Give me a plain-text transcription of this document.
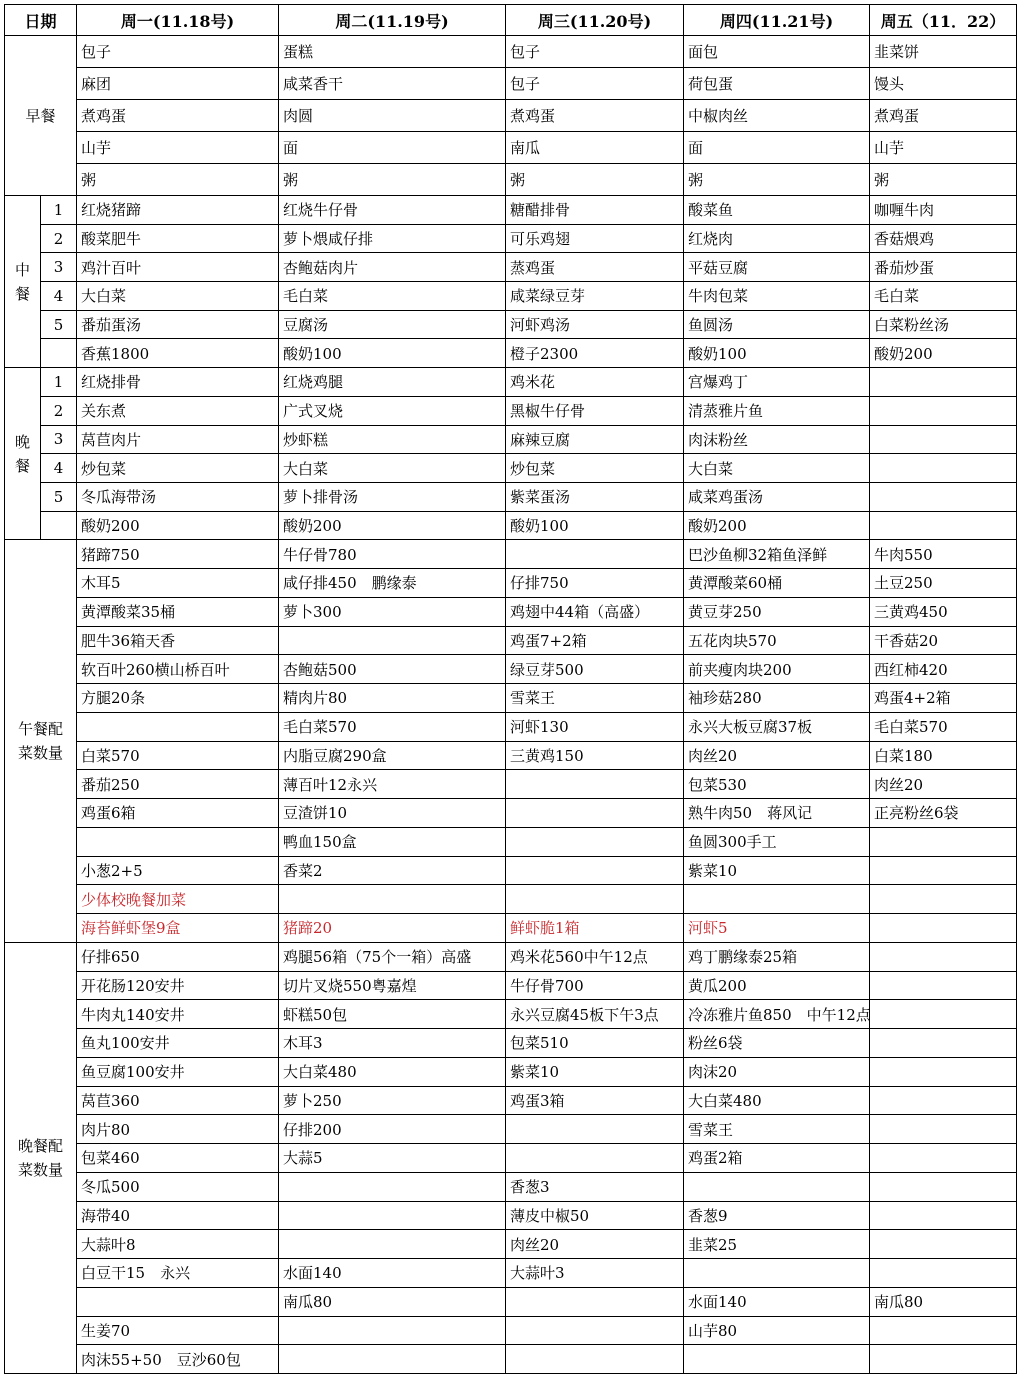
日期		周一(11.18号)	周二(11.19号)	周三(11.20号)	周四(11.21号)	周五（11．22）
早餐		包子	蛋糕	包子	面包	韭菜饼
		麻团	咸菜香干	包子	荷包蛋	馒头
		煮鸡蛋	肉圆	煮鸡蛋	中椒肉丝	煮鸡蛋
		山芋	面	南瓜	面	山芋
		粥	粥	粥	粥	粥
中
餐	1	红烧猪蹄	红烧牛仔骨	糖醋排骨	酸菜鱼	咖喱牛肉
	2	酸菜肥牛	萝卜煨咸仔排	可乐鸡翅	红烧肉	香菇煨鸡
	3	鸡汁百叶	杏鲍菇肉片	蒸鸡蛋	平菇豆腐	番茄炒蛋
	4	大白菜	毛白菜	咸菜绿豆芽	牛肉包菜	毛白菜
	5	番茄蛋汤	豆腐汤	河虾鸡汤	鱼圆汤	白菜粉丝汤
		香蕉1800	酸奶100	橙子2300	酸奶100	酸奶200
晚
餐	1	红烧排骨	红烧鸡腿	鸡米花	宫爆鸡丁	
	2	关东煮	广式叉烧	黑椒牛仔骨	清蒸雅片鱼	
	3	莴苣肉片	炒虾糕	麻辣豆腐	肉沫粉丝	
	4	炒包菜	大白菜	炒包菜	大白菜	
	5	冬瓜海带汤	萝卜排骨汤	紫菜蛋汤	咸菜鸡蛋汤	
		酸奶200	酸奶200	酸奶100	酸奶200	
午餐配
菜数量		猪蹄750	牛仔骨780		巴沙鱼柳32箱鱼泽鲜	牛肉550
		木耳5	咸仔排450　鹏缘泰	仔排750	黄潭酸菜60桶	土豆250
		黄潭酸菜35桶	萝卜300	鸡翅中44箱（高盛）	黄豆芽250	三黄鸡450
		肥牛36箱天香		鸡蛋7+2箱	五花肉块570	干香菇20
		软百叶260横山桥百叶	杏鲍菇500	绿豆芽500	前夹瘦肉块200	西红柿420
		方腿20条	精肉片80	雪菜王	袖珍菇280	鸡蛋4+2箱
			毛白菜570	河虾130	永兴大板豆腐37板	毛白菜570
		白菜570	内脂豆腐290盒	三黄鸡150	肉丝20	白菜180
		番茄250	薄百叶12永兴		包菜530	肉丝20
		鸡蛋6箱	豆渣饼10		熟牛肉50　蒋风记	正亮粉丝6袋
			鸭血150盒		鱼圆300手工	
		小葱2+5	香菜2		紫菜10	
		少体校晚餐加菜				
		海苔鲜虾堡9盒	猪蹄20	鲜虾脆1箱	河虾5	
晚餐配
菜数量		仔排650	鸡腿56箱（75个一箱）高盛	鸡米花560中午12点	鸡丁鹏缘泰25箱	
		开花肠120安井	切片叉烧550粤嘉煌	牛仔骨700	黄瓜200	
		牛肉丸140安井	虾糕50包	永兴豆腐45板下午3点	冷冻雅片鱼850　中午12点	
		鱼丸100安井	木耳3	包菜510	粉丝6袋	
		鱼豆腐100安井	大白菜480	紫菜10	肉沫20	
		莴苣360	萝卜250	鸡蛋3箱	大白菜480	
		肉片80	仔排200		雪菜王	
		包菜460	大蒜5		鸡蛋2箱	
		冬瓜500		香葱3		
		海带40		薄皮中椒50	香葱9	
		大蒜叶8		肉丝20	韭菜25	
		白豆干15　永兴	水面140	大蒜叶3		
			南瓜80		水面140	南瓜80
		生姜70			山芋80	
		肉沫55+50　豆沙60包				
